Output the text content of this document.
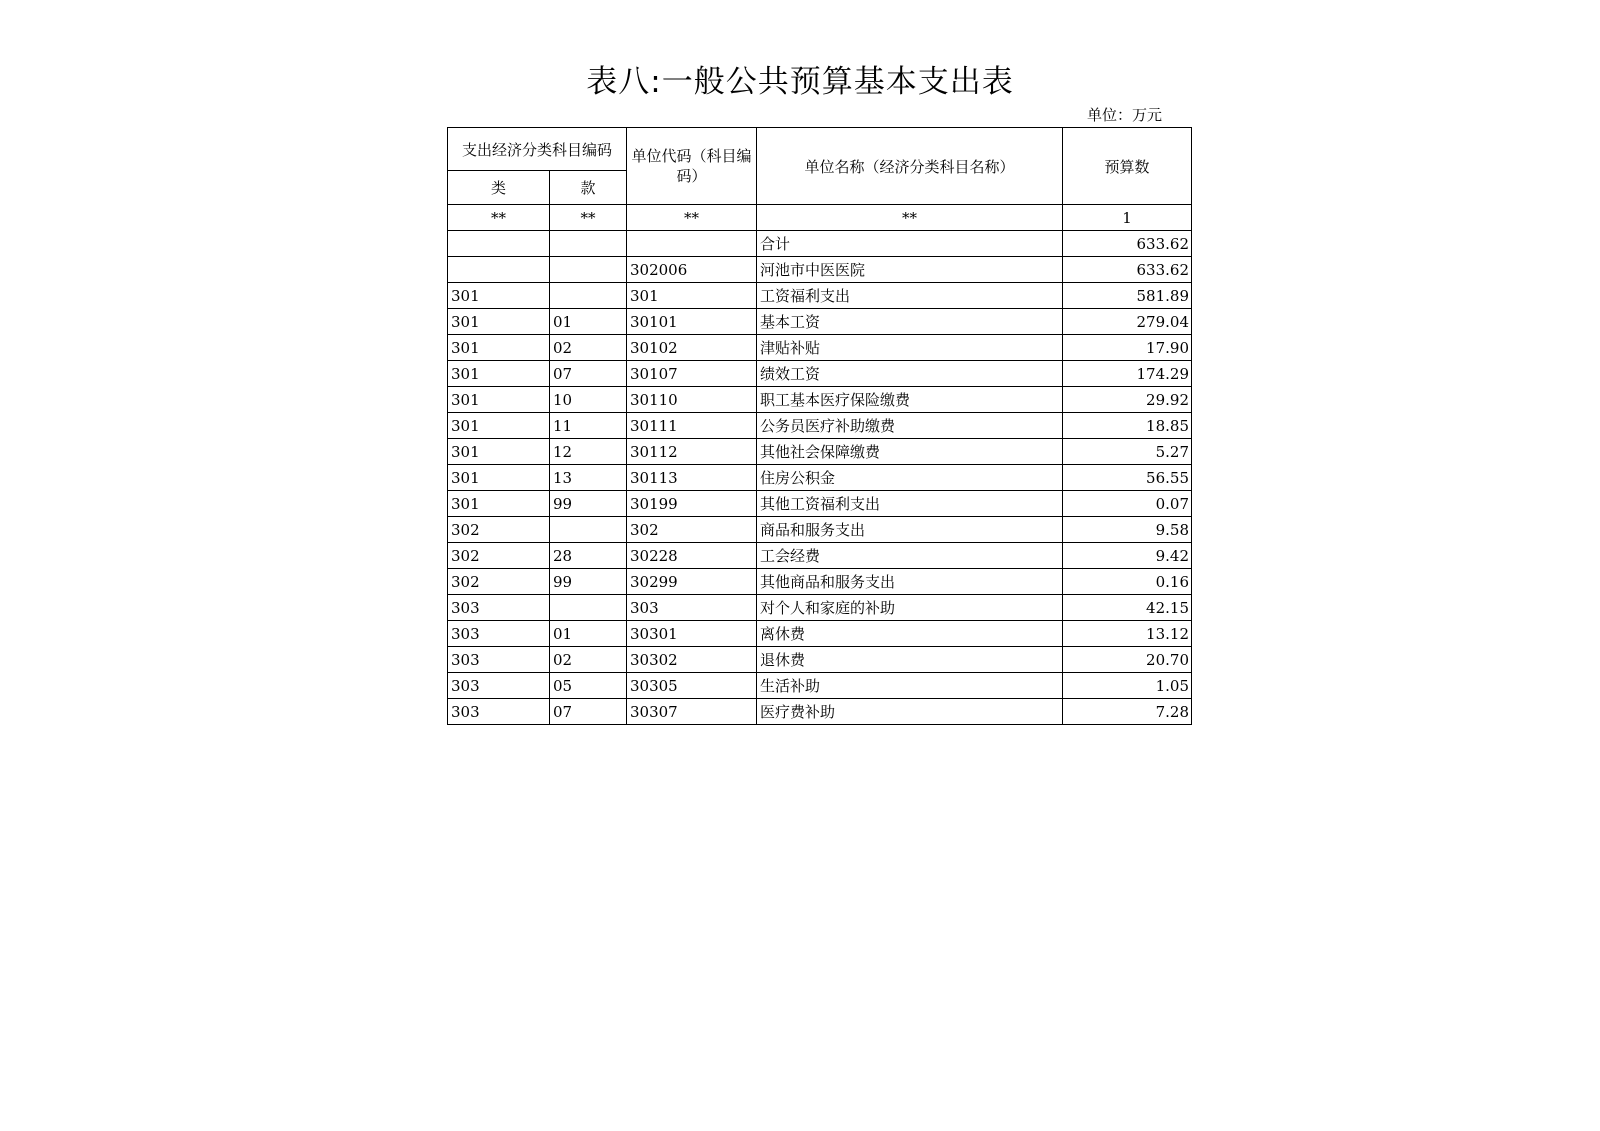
表八:一般公共预算基本支出表
单位：万元
支出经济分类科目编码		单位代码（科目编码）	单位名称（经济分类科目名称）	预算数
类	款			
**	**	**	**	1
			合计	633.62
		302006	河池市中医医院	633.62
301		301	工资福利支出	581.89
301	01	30101	基本工资	279.04
301	02	30102	津贴补贴	17.90
301	07	30107	绩效工资	174.29
301	10	30110	职工基本医疗保险缴费	29.92
301	11	30111	公务员医疗补助缴费	18.85
301	12	30112	其他社会保障缴费	5.27
301	13	30113	住房公积金	56.55
301	99	30199	其他工资福利支出	0.07
302		302	商品和服务支出	9.58
302	28	30228	工会经费	9.42
302	99	30299	其他商品和服务支出	0.16
303		303	对个人和家庭的补助	42.15
303	01	30301	离休费	13.12
303	02	30302	退休费	20.70
303	05	30305	生活补助	1.05
303	07	30307	医疗费补助	7.28
